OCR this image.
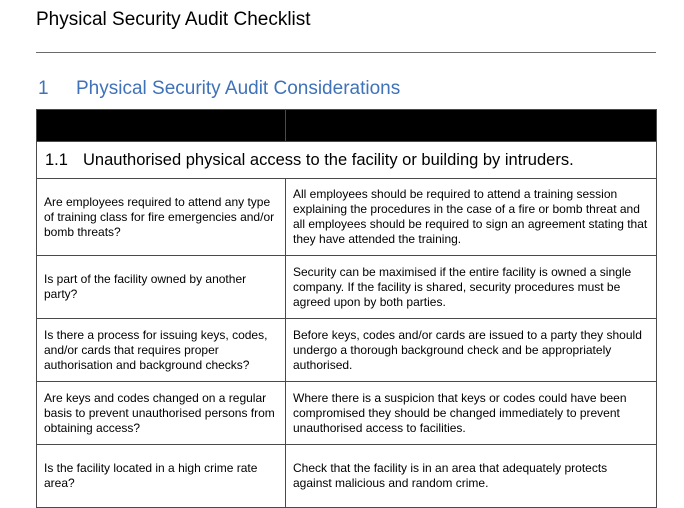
Physical Security Audit Checklist
1 Physical Security Audit Considerations

1.1 Unauthorised physical access to the facility or building by intruders.	
Are employees required to attend any type of training class for fire emergencies and/or bomb threats?	All employees should be required to attend a training session explaining the procedures in the case of a fire or bomb threat and all employees should be required to sign an agreement stating that they have attended the training.
Is part of the facility owned by another party?	Security can be maximised if the entire facility is owned a single company. If the facility is shared, security procedures must be agreed upon by both parties.
Is there a process for issuing keys, codes, and/or cards that requires proper authorisation and background checks?	Before keys, codes and/or cards are issued to a party they should undergo a thorough background check and be appropriately authorised.
Are keys and codes changed on a regular basis to prevent unauthorised persons from obtaining access?	Where there is a suspicion that keys or codes could have been compromised they should be changed immediately to prevent unauthorised access to facilities.
Is the facility located in a high crime rate area?	Check that the facility is in an area that adequately protects against malicious and random crime.
